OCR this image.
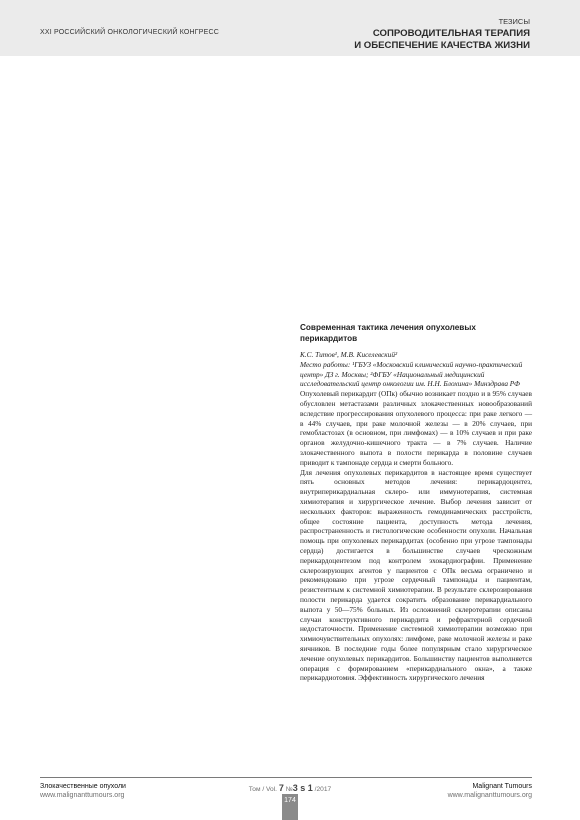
XXI РОССИЙСКИЙ ОНКОЛОГИЧЕСКИЙ КОНГРЕСС
ТЕЗИСЫ
СОПРОВОДИТЕЛЬНАЯ ТЕРАПИЯ
И ОБЕСПЕЧЕНИЕ КАЧЕСТВА ЖИЗНИ
Современная тактика лечения опухолевых перикардитов

К.С. Титов¹, М.В. Киселевский²

Место работы: ¹ГБУЗ «Московский клинический научно-практический центр» ДЗ г. Москвы; ²ФГБУ «Национальный медицинский исследовательский центр онкологии им. Н.Н. Блохина» Минздрава РФ

Опухолевый перикардит (ОПк) обычно возникает поздно и в 95% случаев обусловлен метастазами различных злокачественных новообразований вследствие прогрессирования опухолевого процесса: при раке легкого — в 44% случаев, при раке молочной железы — в 20% случаев, при гемобластозах (в основном, при лимфомах) — в 10% случаев и при раке органов желудочно-кишечного тракта — в 7% случаев. Наличие злокачественного выпота в полости перикарда в половине случаев приводит к тампонаде сердца и смерти больного.

Для лечения опухолевых перикардитов в настоящее время существует пять основных методов лечения: перикардоцентез, внутриперикардиальная склеро- или иммунотерапия, системная химиотерапия и хирургическое лечение. Выбор лечения зависит от нескольких факторов: выраженность гемодинамических расстройств, общее состояние пациента, доступность метода лечения, распространенность и гистологические особенности опухоли. Начальная помощь при опухолевых перикардитах (особенно при угрозе тампонады сердца) достигается в большинстве случаев чрескожным перикардоцентезом под контролем эхокардиографии. Применение склерозирующих агентов у пациентов с ОПк весьма ограничено и рекомендовано при угрозе сердечный тампонады и пациентам, резистентным к системной химиотерапии. В результате склерозирования полости перикарда удается сократить образование перикардиального выпота у 50—75% больных. Из осложнений склеротерапии описаны случаи конструктивного перикардита и рефрактерной сердечной недостаточности. Применение системной химиотерапии возможно при химиочувствительных опухолях: лимфоме, раке молочной железы и раке яичников. В последние годы более популярным стало хирургическое лечение опухолевых перикардитов. Большинству пациентов выполняется операция с формированием «перикардиального окна», а также перикардиотомия. Эффективность хирургического лечения

Злокачественные опухоли
www.malignanttumours.org
Том / Vol. 7 №3 s 1 /2017
174
Malignant Tumours
www.malignanttumours.org
